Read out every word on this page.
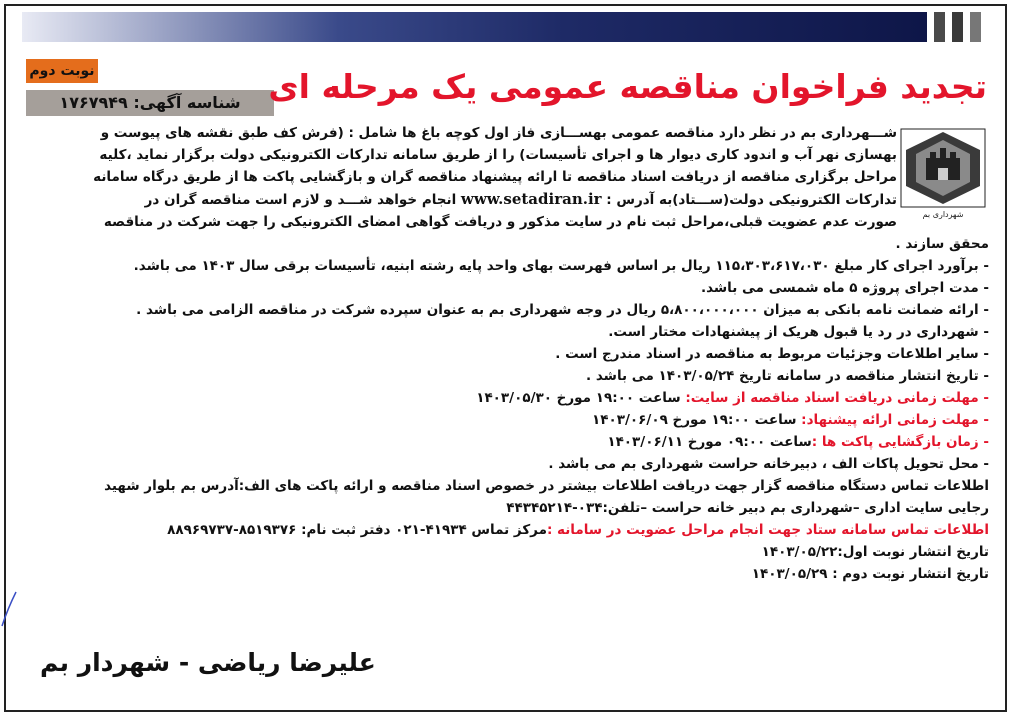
نوبت دوم
شناسه آگهی: ۱۷۶۷۹۴۹	تجدید فراخوان مناقصه عمومی یک مرحله ای
شهرداری بم
شـــهرداری بم در نظر دارد مناقصه عمومی بهســـازی فاز اول کوچه باغ ها شامل : (فرش کف طبق نقشه های پیوست و
بهسازی نهر آب و اندود کاری دیوار ها و اجرای تأسیسات) را از طریق سامانه تدارکات الکترونیکی دولت برگزار نماید ،کلیه
مراحل برگزاری مناقصه از دریافت اسناد مناقصه تا ارائه پیشنهاد مناقصه گران و بازگشایی پاکت ها از طریق درگاه سامانه
تدارکات الکترونیکی دولت(ســـتاد)به آدرس : www.setadiran.ir انجام خواهد شـــد و لازم است مناقصه گران در
صورت عدم عضویت قبلی،مراحل ثبت نام در سایت مذکور و دریافت گواهی امضای الکترونیکی را جهت شرکت در مناقصه
محقق سازند .
- برآورد اجرای کار مبلغ ۱۱۵،۳۰۳،۶۱۷،۰۳۰ ریال بر اساس فهرست بهای واحد پایه رشته ابنیه، تأسیسات برقی سال ۱۴۰۳ می باشد.
- مدت اجرای پروژه ۵ ماه شمسی می باشد.
- ارائه ضمانت نامه بانکی به میزان ۵،۸۰۰،۰۰۰،۰۰۰ ریال در وجه شهرداری بم به عنوان سپرده شرکت در مناقصه الزامی می باشد .
- شهرداری در رد یا قبول هریک از پیشنهادات مختار است.
- سایر اطلاعات وجزئیات مربوط به مناقصه در اسناد مندرج است .
- تاریخ انتشار مناقصه در سامانه تاریخ ۱۴۰۳/۰۵/۲۴ می باشد .
- مهلت زمانی دریافت اسناد مناقصه از سایت: ساعت ۱۹:۰۰ مورخ ۱۴۰۳/۰۵/۳۰
- مهلت زمانی ارائه پیشنهاد: ساعت ۱۹:۰۰ مورخ ۱۴۰۳/۰۶/۰۹
- زمان بازگشایی پاکت ها :ساعت ۰۹:۰۰ مورخ ۱۴۰۳/۰۶/۱۱
- محل تحویل پاکات الف ، دبیرخانه حراست شهرداری بم می باشد .
اطلاعات تماس دستگاه مناقصه گزار جهت دریافت اطلاعات بیشتر در خصوص اسناد مناقصه و ارائه پاکت های الف:آدرس بم بلوار شهید
رجایی سایت اداری –شهرداری بم دبیر خانه حراست –تلفن:۰۳۴-۴۴۳۴۵۲۱۴
اطلاعات تماس سامانه ستاد جهت انجام مراحل عضویت در سامانه :مرکز تماس ۴۱۹۳۴-۰۲۱ دفتر ثبت نام: ۸۵۱۹۳۷۶-۸۸۹۶۹۷۳۷
تاریخ انتشار نوبت اول:۱۴۰۳/۰۵/۲۲
تاریخ انتشار نوبت دوم : ۱۴۰۳/۰۵/۲۹
علیرضا ریاضی - شهردار بم
